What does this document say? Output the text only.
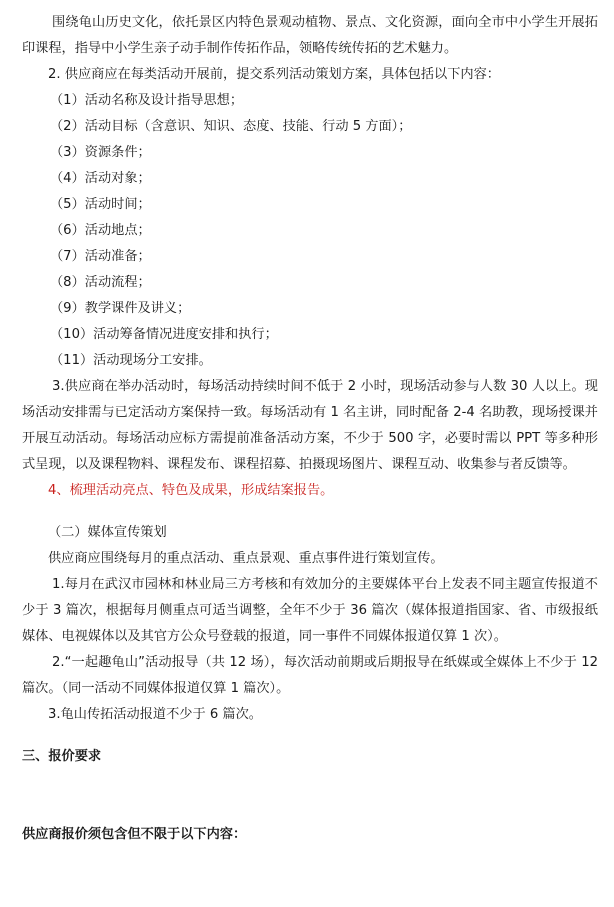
围绕龟山历史文化，依托景区内特色景观动植物、景点、文化资源，面向全市中小学生开展拓印课程，指导中小学生亲子动手制作传拓作品，领略传统传拓的艺术魅力。

2. 供应商应在每类活动开展前，提交系列活动策划方案，具体包括以下内容：

（1）活动名称及设计指导思想；

（2）活动目标（含意识、知识、态度、技能、行动 5 方面）；

（3）资源条件；

（4）活动对象；

（5）活动时间；

（6）活动地点；

（7）活动准备；

（8）活动流程；

（9）教学课件及讲义；

（10）活动筹备情况进度安排和执行；

（11）活动现场分工安排。

3.供应商在举办活动时，每场活动持续时间不低于 2 小时，现场活动参与人数 30 人以上。现场活动安排需与已定活动方案保持一致。每场活动有 1 名主讲，同时配备 2-4 名助教，现场授课并开展互动活动。每场活动应标方需提前准备活动方案，不少于 500 字，必要时需以 PPT 等多种形式呈现，以及课程物料、课程发布、课程招募、拍摄现场图片、课程互动、收集参与者反馈等。

4、梳理活动亮点、特色及成果，形成结案报告。

（二）媒体宣传策划

供应商应围绕每月的重点活动、重点景观、重点事件进行策划宣传。

1.每月在武汉市园林和林业局三方考核和有效加分的主要媒体平台上发表不同主题宣传报道不少于 3 篇次，根据每月侧重点可适当调整，全年不少于 36 篇次（媒体报道指国家、省、市级报纸媒体、电视媒体以及其官方公众号登载的报道，同一事件不同媒体报道仅算 1 次）。

2.“一起趣龟山”活动报导（共 12 场），每次活动前期或后期报导在纸媒或全媒体上不少于 12 篇次。（同一活动不同媒体报道仅算 1 篇次）。

3.龟山传拓活动报道不少于 6 篇次。

三、报价要求

供应商报价须包含但不限于以下内容：
